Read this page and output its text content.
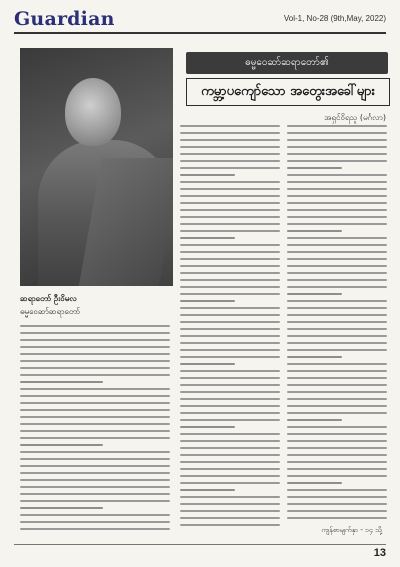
Guardian	Vol-1, No-28 (9th,May, 2022)
ဓမ္မဝေဆာ်ဆရာတော်၏
ကမ္ဘာ့ပကျော်သော အတွေးအခေါ်များ
အရှင်ဝိရသူ (မင်္ဂလာ)
ဆရာတော် ဦးဝိမလ
ဓမ္မဝေဆာ်ဆရာတော်
ကျန်စာမျက်နှာ - ၁၄ သို့
13
